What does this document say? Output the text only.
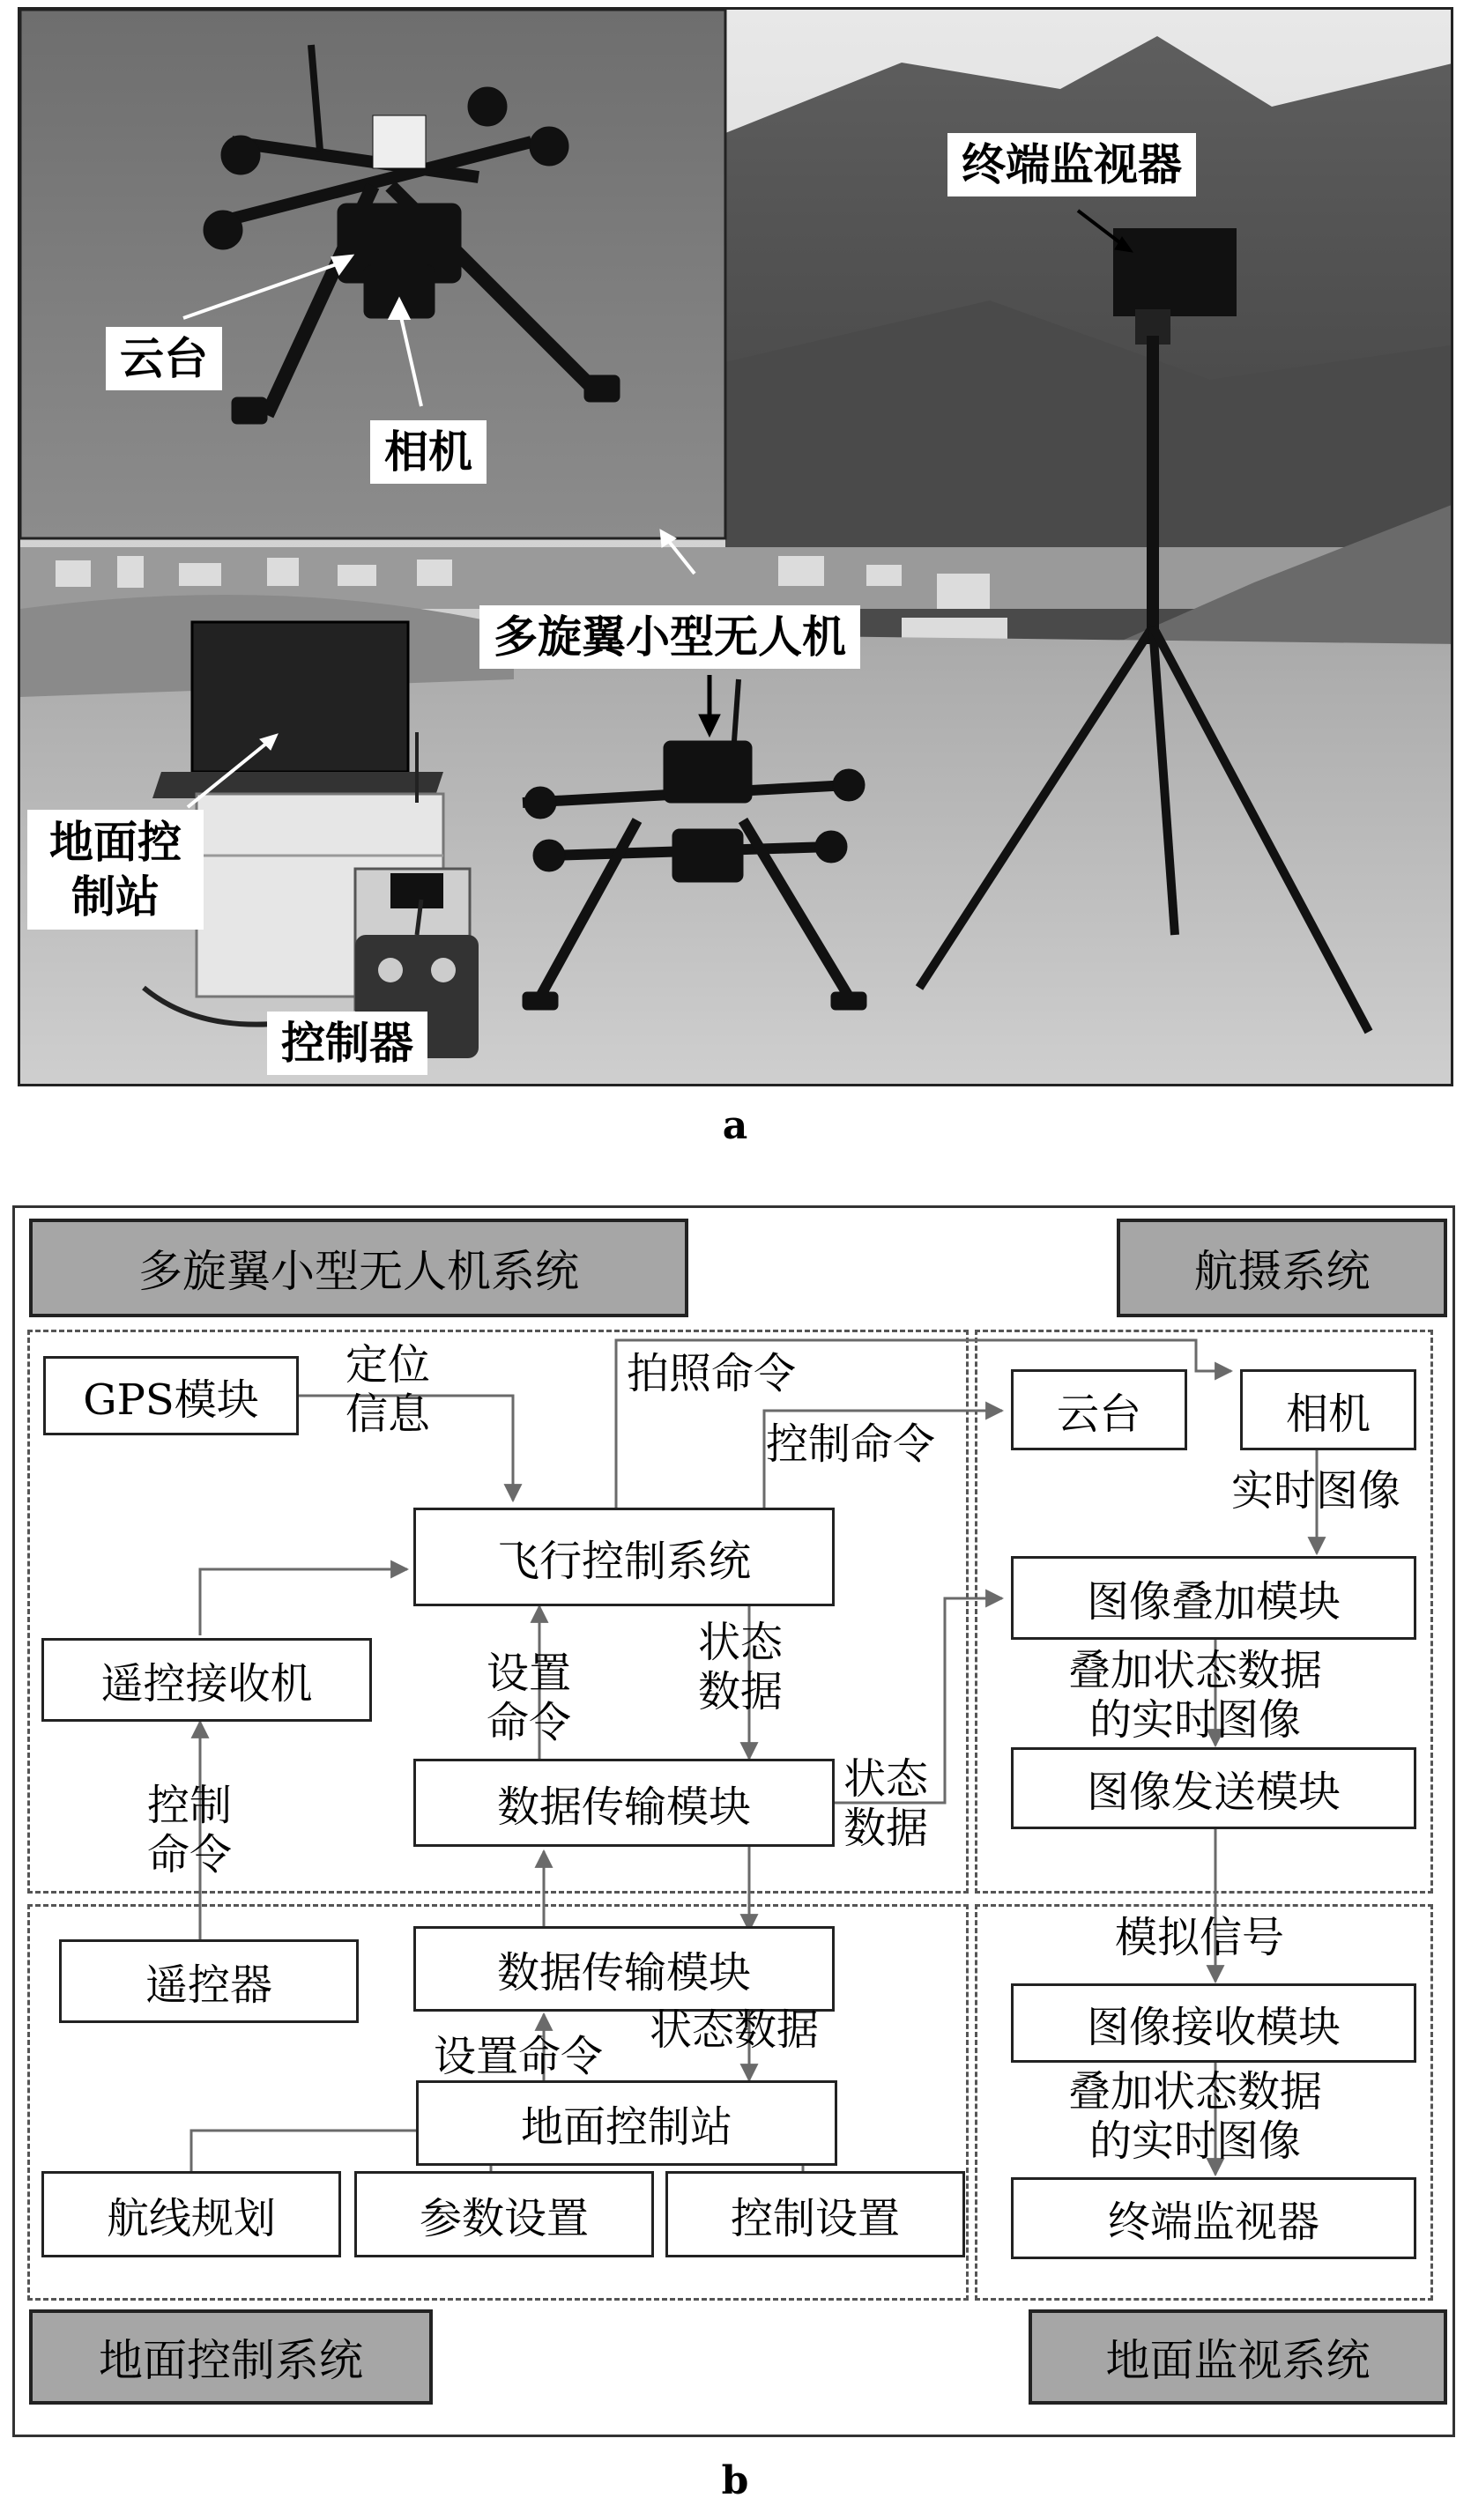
云台
相机
多旋翼小型无人机
终端监视器
地面控制站
控制器
a
多旋翼小型无人机系统	航摄系统
地面控制系统	地面监视系统
GPS模块
飞行控制系统
遥控接收机
数据传输模块
遥控器	数据传输模块
地面控制站
航线规划	参数设置	控制设置
云台	相机
图像叠加模块
图像发送模块
图像接收模块
终端监视器
定位
信息
拍照命令
控制命令
设置
命令
状态
数据
状态
数据
控制
命令
设置命令
状态数据
实时图像
叠加状态数据
的实时图像
模拟信号
叠加状态数据
的实时图像
b
